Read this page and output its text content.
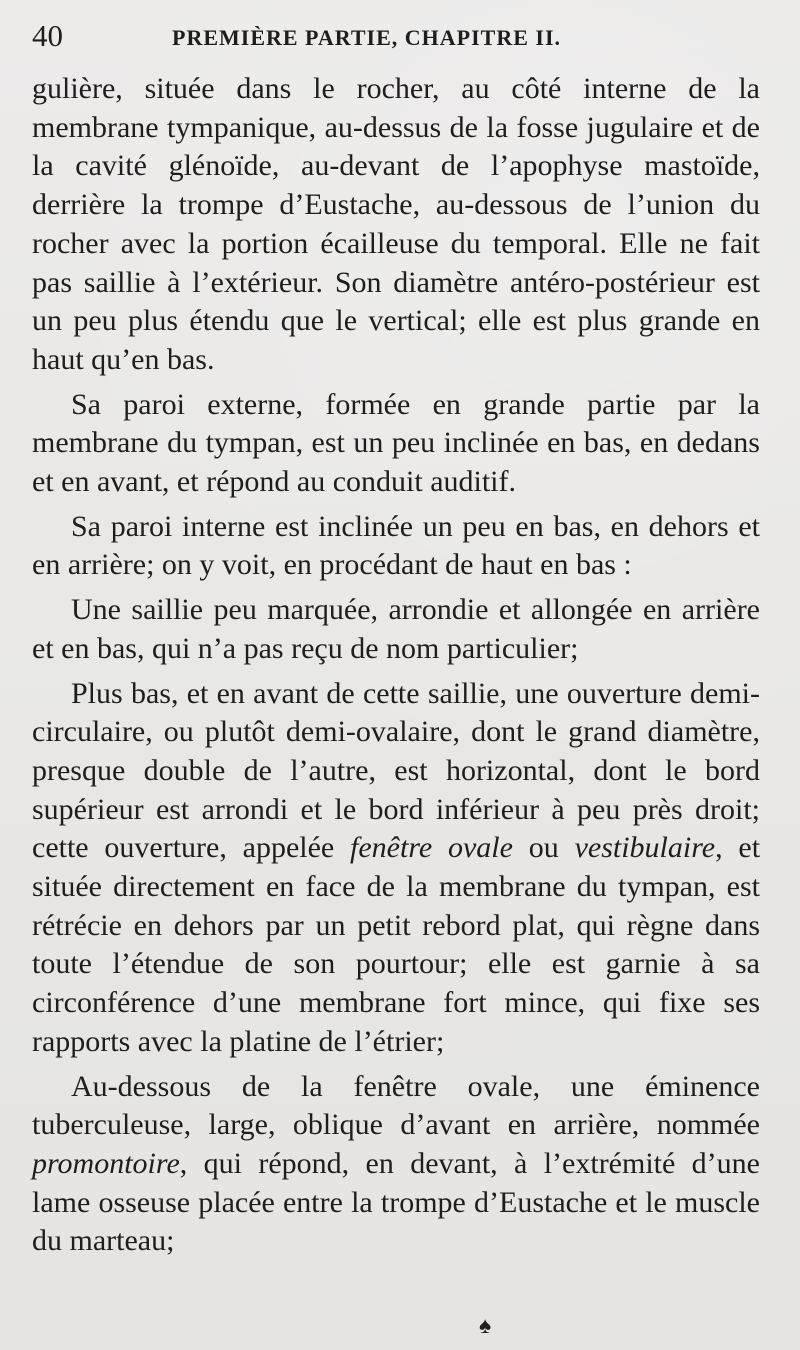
40	PREMIÈRE PARTIE, CHAPITRE II.

gulière, située dans le rocher, au côté interne de la membrane tympanique, au-dessus de la fosse jugulaire et de la cavité glénoïde, au-devant de l’apophyse mastoïde, derrière la trompe d’Eustache, au-dessous de l’union du rocher avec la portion écailleuse du temporal. Elle ne fait pas saillie à l’extérieur. Son diamètre antéro-postérieur est un peu plus étendu que le vertical; elle est plus grande en haut qu’en bas.

Sa paroi externe, formée en grande partie par la membrane du tympan, est un peu inclinée en bas, en dedans et en avant, et répond au conduit auditif.

Sa paroi interne est inclinée un peu en bas, en dehors et en arrière; on y voit, en procédant de haut en bas :

Une saillie peu marquée, arrondie et allongée en arrière et en bas, qui n’a pas reçu de nom particulier;

Plus bas, et en avant de cette saillie, une ouverture demi-circulaire, ou plutôt demi-ovalaire, dont le grand diamètre, presque double de l’autre, est horizontal, dont le bord supérieur est arrondi et le bord inférieur à peu près droit; cette ouverture, appelée fenêtre ovale ou vestibulaire, et située directement en face de la membrane du tympan, est rétrécie en dehors par un petit rebord plat, qui règne dans toute l’étendue de son pourtour; elle est garnie à sa circonférence d’une membrane fort mince, qui fixe ses rapports avec la platine de l’étrier;

Au-dessous de la fenêtre ovale, une éminence tuberculeuse, large, oblique d’avant en arrière, nommée promontoire, qui répond, en devant, à l’extrémité d’une lame osseuse placée entre la trompe d’Eustache et le muscle du marteau;

♠
